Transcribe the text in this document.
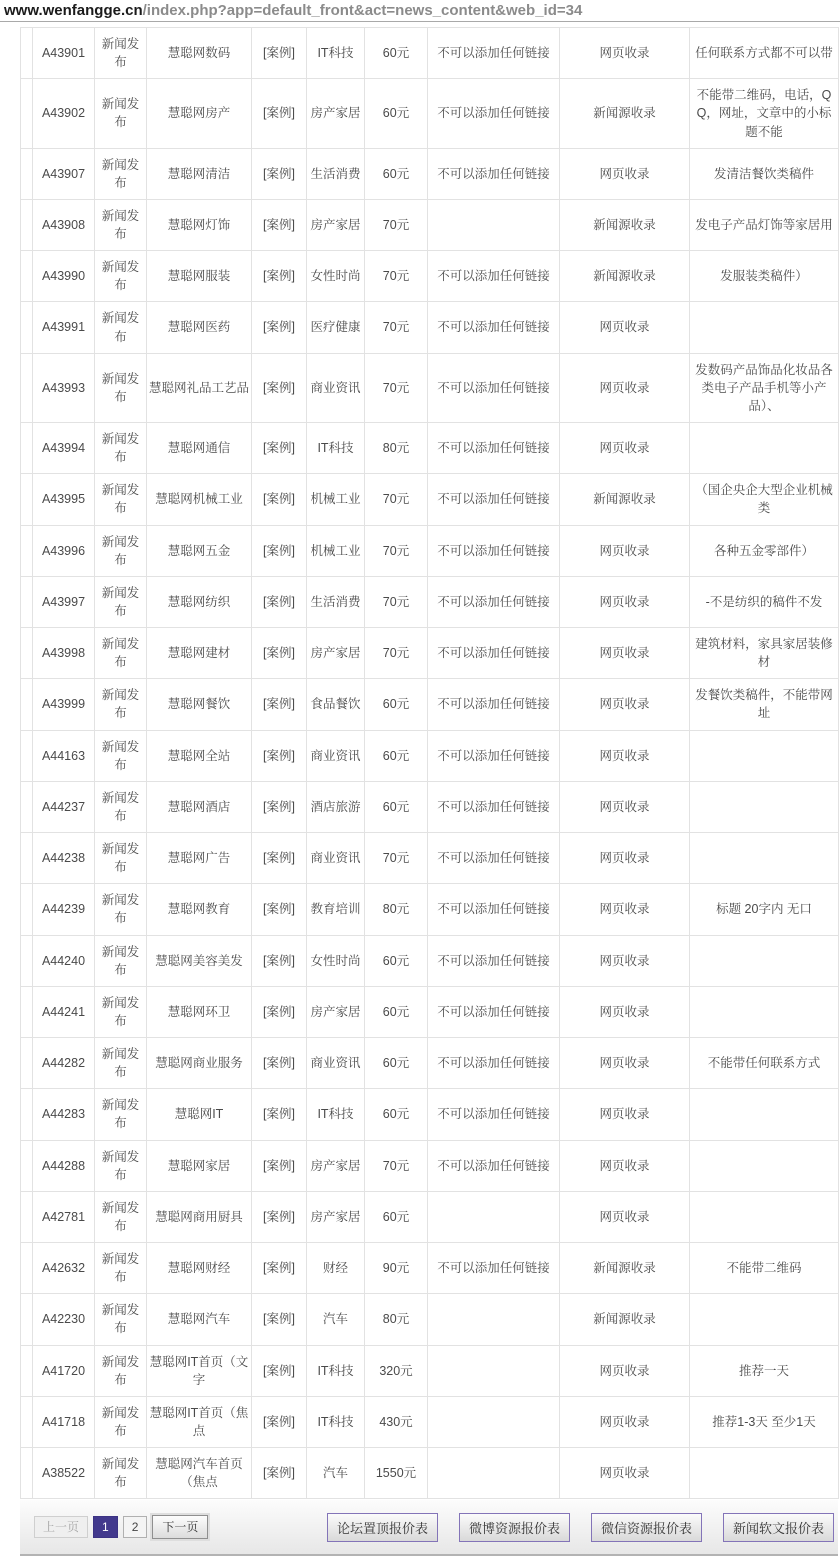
www.wenfangge.cn /index.php?app=default_front&act=news_content&web_id=34
	A43901	新闻发布	慧聪网数码	[案例]	IT科技	60元	不可以添加任何链接	网页收录	任何联系方式都不可以带
	A43902	新闻发布	慧聪网房产	[案例]	房产家居	60元	不可以添加任何链接	新闻源收录	不能带二维码，电话，QQ，网址，文章中的小标题不能
	A43907	新闻发布	慧聪网清洁	[案例]	生活消费	60元	不可以添加任何链接	网页收录	发清洁餐饮类稿件
	A43908	新闻发布	慧聪网灯饰	[案例]	房产家居	70元		新闻源收录	发电子产品灯饰等家居用
	A43990	新闻发布	慧聪网服装	[案例]	女性时尚	70元	不可以添加任何链接	新闻源收录	发服装类稿件）
	A43991	新闻发布	慧聪网医药	[案例]	医疗健康	70元	不可以添加任何链接	网页收录	
	A43993	新闻发布	慧聪网礼品工艺品	[案例]	商业资讯	70元	不可以添加任何链接	网页收录	发数码产品饰品化妆品各类电子产品手机等小产品）、
	A43994	新闻发布	慧聪网通信	[案例]	IT科技	80元	不可以添加任何链接	网页收录	
	A43995	新闻发布	慧聪网机械工业	[案例]	机械工业	70元	不可以添加任何链接	新闻源收录	（国企央企大型企业机械类
	A43996	新闻发布	慧聪网五金	[案例]	机械工业	70元	不可以添加任何链接	网页收录	各种五金零部件）
	A43997	新闻发布	慧聪网纺织	[案例]	生活消费	70元	不可以添加任何链接	网页收录	-不是纺织的稿件不发
	A43998	新闻发布	慧聪网建材	[案例]	房产家居	70元	不可以添加任何链接	网页收录	建筑材料，家具家居装修材
	A43999	新闻发布	慧聪网餐饮	[案例]	食品餐饮	60元	不可以添加任何链接	网页收录	发餐饮类稿件，不能带网址
	A44163	新闻发布	慧聪网全站	[案例]	商业资讯	60元	不可以添加任何链接	网页收录	
	A44237	新闻发布	慧聪网酒店	[案例]	酒店旅游	60元	不可以添加任何链接	网页收录	
	A44238	新闻发布	慧聪网广告	[案例]	商业资讯	70元	不可以添加任何链接	网页收录	
	A44239	新闻发布	慧聪网教育	[案例]	教育培训	80元	不可以添加任何链接	网页收录	标题 20字内 无口
	A44240	新闻发布	慧聪网美容美发	[案例]	女性时尚	60元	不可以添加任何链接	网页收录	
	A44241	新闻发布	慧聪网环卫	[案例]	房产家居	60元	不可以添加任何链接	网页收录	
	A44282	新闻发布	慧聪网商业服务	[案例]	商业资讯	60元	不可以添加任何链接	网页收录	不能带任何联系方式
	A44283	新闻发布	慧聪网IT	[案例]	IT科技	60元	不可以添加任何链接	网页收录	
	A44288	新闻发布	慧聪网家居	[案例]	房产家居	70元	不可以添加任何链接	网页收录	
	A42781	新闻发布	慧聪网商用厨具	[案例]	房产家居	60元		网页收录	
	A42632	新闻发布	慧聪网财经	[案例]	财经	90元	不可以添加任何链接	新闻源收录	不能带二维码
	A42230	新闻发布	慧聪网汽车	[案例]	汽车	80元		新闻源收录	
	A41720	新闻发布	慧聪网IT首页（文字	[案例]	IT科技	320元		网页收录	推荐一天
	A41718	新闻发布	慧聪网IT首页（焦点	[案例]	IT科技	430元		网页收录	推荐1-3天 至少1天
	A38522	新闻发布	慧聪网汽车首页（焦点	[案例]	汽车	1550元		网页收录	
上一页	1	2	下一页	论坛置顶报价表	微博资源报价表	微信资源报价表	新闻软文报价表
